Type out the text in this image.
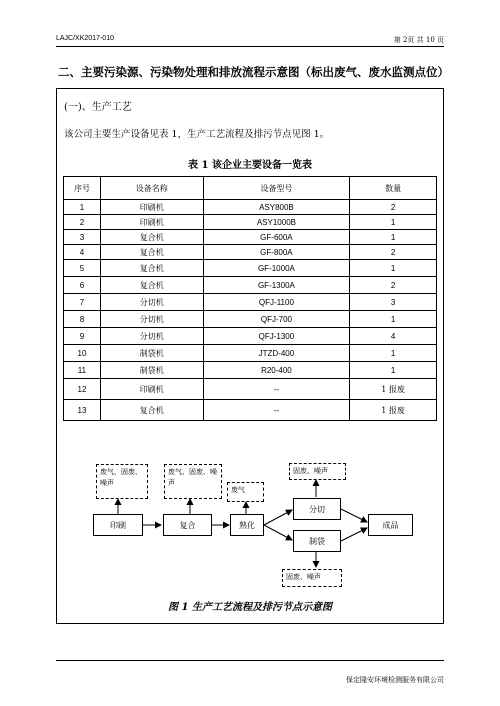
LAJC/XK2017-010	第 2页 共 10 页
二、主要污染源、污染物处理和排放流程示意图（标出废气、废水监测点位）
(一)、生产工艺
该公司主要生产设备见表 1，生产工艺流程及排污节点见图 1。
表 1 该企业主要设备一览表
序号	设备名称	设备型号	数量
1	印刷机	ASY800B	2
2	印刷机	ASY1000B	1
3	复合机	GF-600A	1
4	复合机	GF-800A	2
5	复合机	GF-1000A	1
6	复合机	GF-1300A	2
7	分切机	QFJ-1100	3
8	分切机	QFJ-700	1
9	分切机	QFJ-1300	4
10	制袋机	JTZD-400	1
11	制袋机	R20-400	1
12	印刷机	--	1 报废
13	复合机	--	1 报废
废气、固废、噪声
废气、固废、噪声
废气
固废、噪声
固废、噪声
印刷	复合	熟化
分切
制袋
成品
图 1 生产工艺流程及排污节点示意图
保定隆安环境检测服务有限公司
